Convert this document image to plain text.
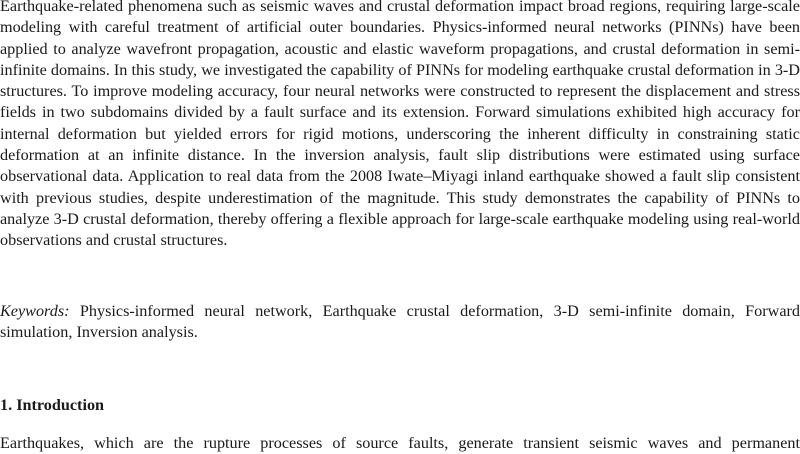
Earthquake-related phenomena such as seismic waves and crustal deformation impact broad regions, requiring large-scale modeling with careful treatment of artificial outer boundaries. Physics-informed neural networks (PINNs) have been applied to analyze wavefront propagation, acoustic and elastic waveform propagations, and crustal deformation in semi-infinite domains. In this study, we investigated the capability of PINNs for modeling earthquake crustal deformation in 3-D structures. To improve modeling accuracy, four neural networks were constructed to represent the displacement and stress fields in two subdomains divided by a fault surface and its extension. Forward simulations exhibited high accuracy for internal deformation but yielded errors for rigid motions, underscoring the inherent difficulty in constraining static deformation at an infinite distance. In the inversion analysis, fault slip distributions were estimated using surface observational data. Application to real data from the 2008 Iwate–Miyagi inland earthquake showed a fault slip consistent with previous studies, despite underestimation of the magnitude. This study demonstrates the capability of PINNs to analyze 3-D crustal deformation, thereby offering a flexible approach for large-scale earthquake modeling using real-world observations and crustal structures.

Keywords: Physics-informed neural network, Earthquake crustal deformation, 3-D semi-infinite domain, Forward simulation, Inversion analysis.

1. Introduction

Earthquakes, which are the rupture processes of source faults, generate transient seismic waves and permanent
